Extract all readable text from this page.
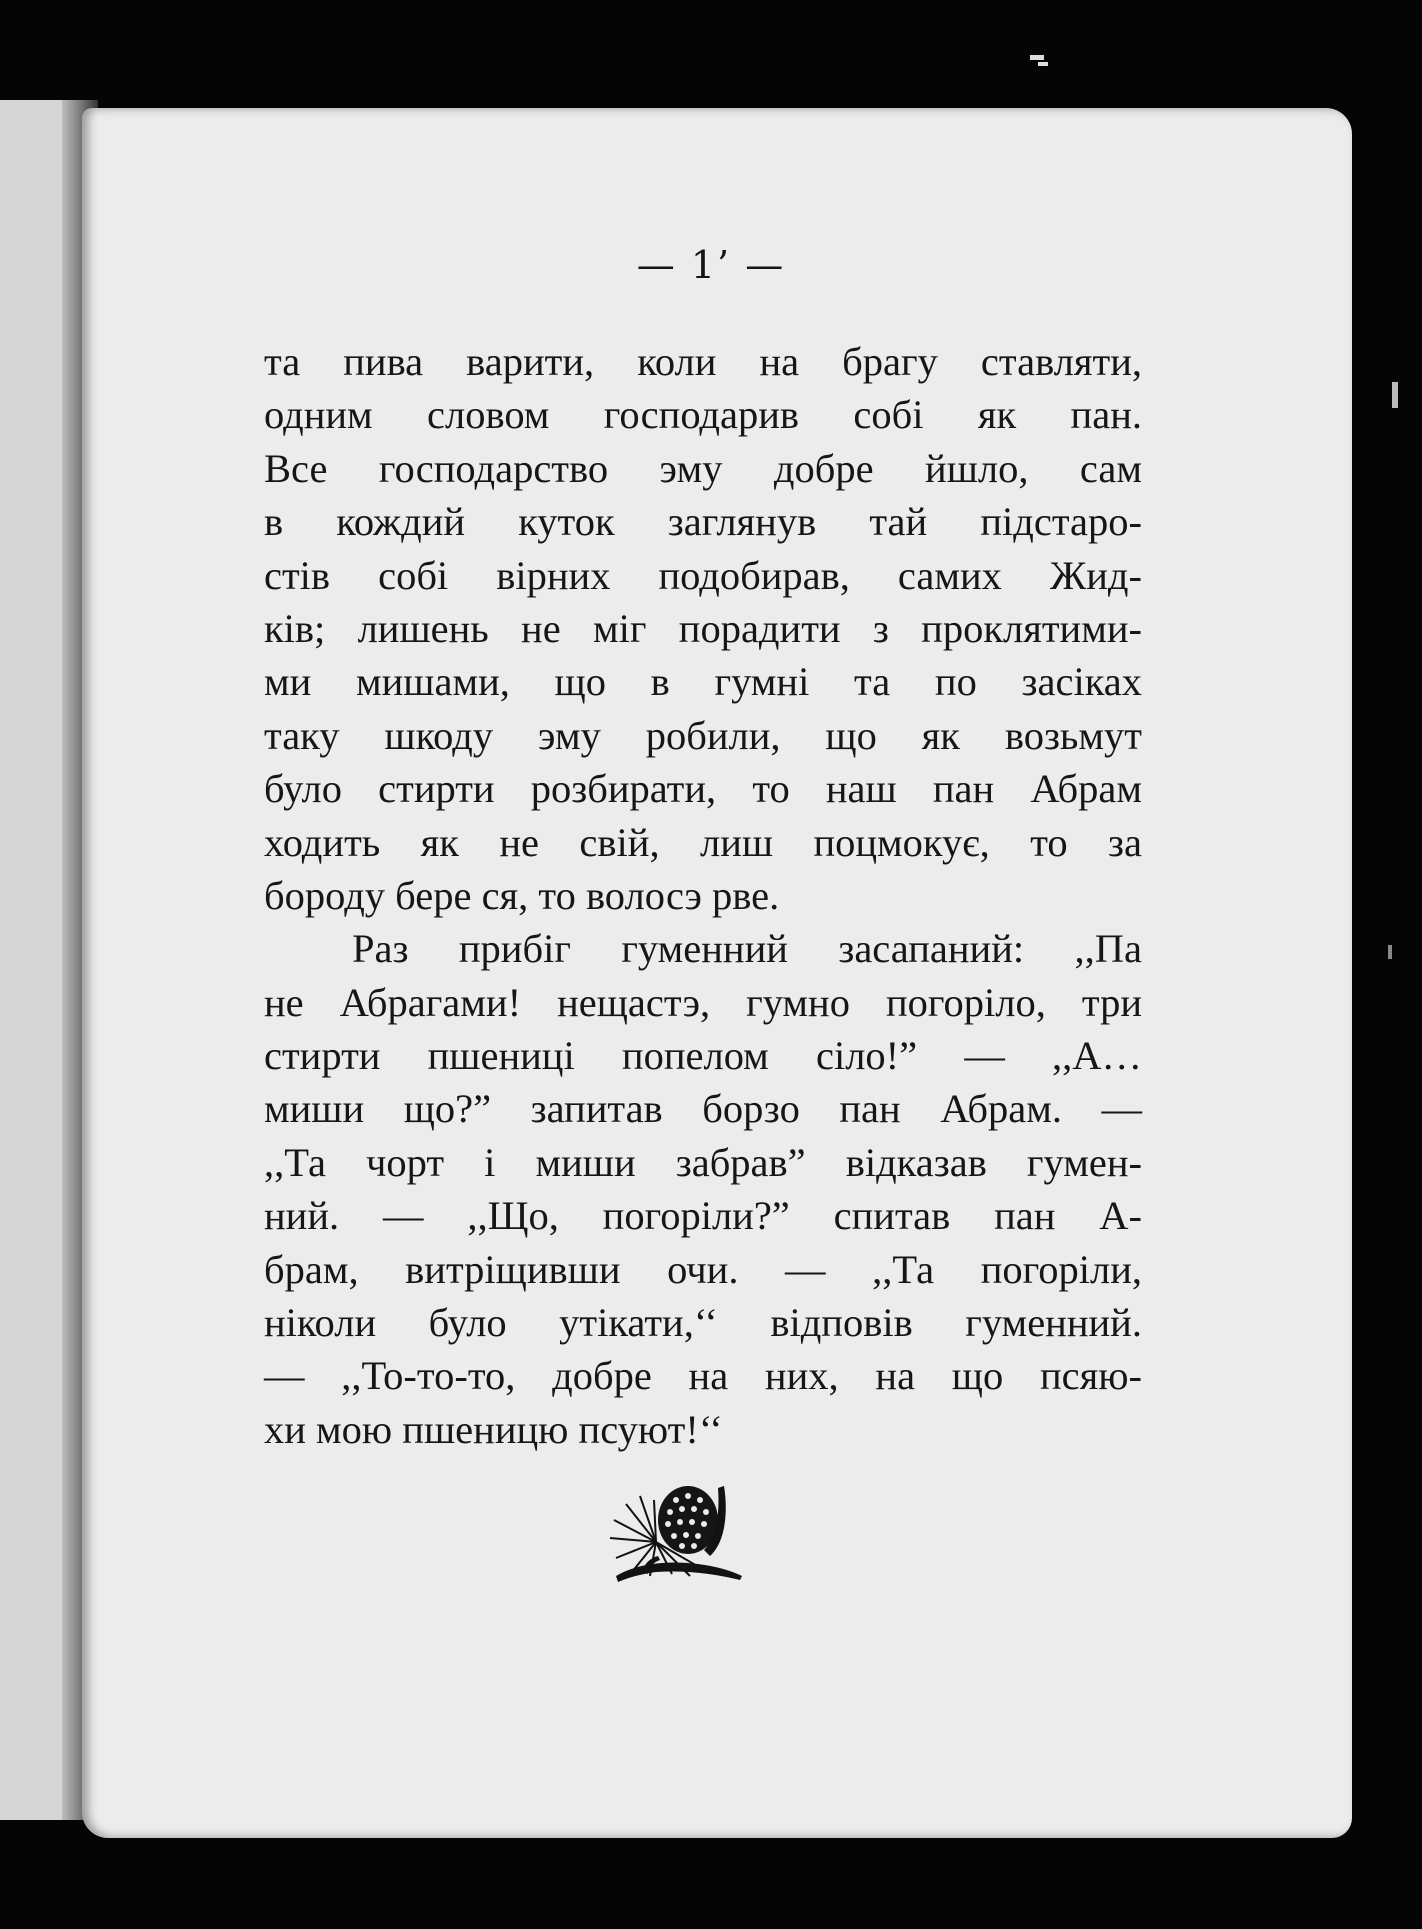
— 1’ —
та пива варити, коли на брагу ставляти,
одним словом господарив собі як пан.
Все господарство эму добре йшло, сам
в кождий куток заглянув тай підстаро-
стів собі вірних подобирав, самих Жид-
ків; лишень не міг порадити з проклятими-
ми мишами, що в гумні та по засіках
таку шкоду эму робили, що як возьмут
було стирти розбирати, то наш пан Абрам
ходить як не свій, лиш поцмокує, то за
бороду бере ся, то волосэ рве.
Раз прибіг гуменний засапаний: ,,Па
не Абрагами! нещастэ, гумно погоріло, три
стирти пшениці попелом сіло!” — ,,А…
миши що?” запитав борзо пан Абрам. —
,,Та чорт і миши забрав” відказав гумен-
ний. — ,,Що, погоріли?” спитав пан А-
брам, витріщивши очи. — ,,Та погоріли,
ніколи було утікати,‘‘ відповів гуменний.
— ,,То-то-то, добре на них, на що псяю-
хи мою пшеницю псуют!‘‘
